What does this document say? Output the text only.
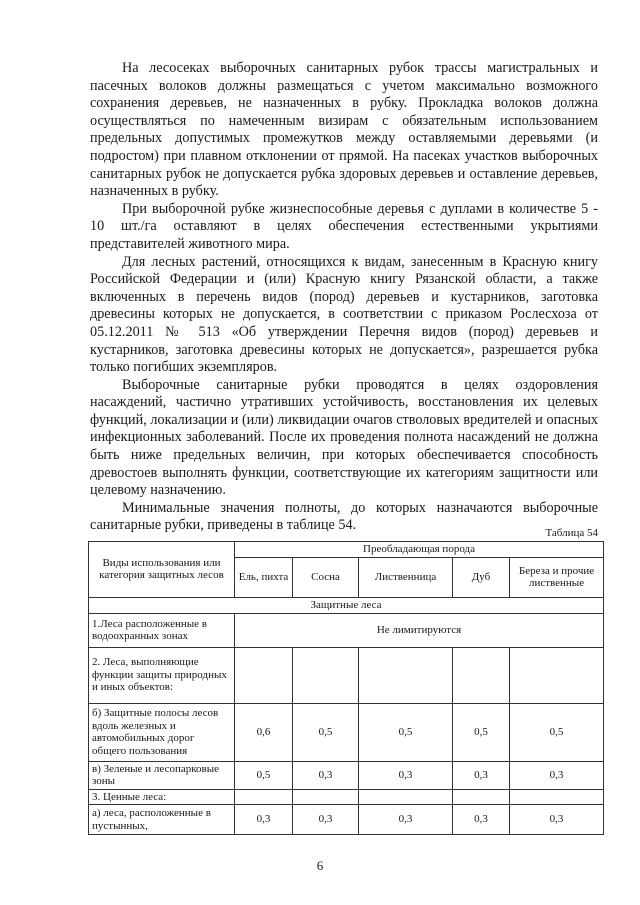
На лесосеках выборочных санитарных рубок трассы магистральных и пасечных волоков должны размещаться с учетом максимально возможного сохранения деревьев, не назначенных в рубку. Прокладка волоков должна осуществляться по намеченным визирам с обязательным использованием предельных допустимых промежутков между оставляемыми деревьями (и подростом) при плавном отклонении от прямой. На пасеках участков выборочных санитарных рубок не допускается рубка здоровых деревьев и оставление деревьев, назначенных в рубку.

При выборочной рубке жизнеспособные деревья с дуплами в количестве 5 - 10 шт./га оставляют в целях обеспечения естественными укрытиями представителей животного мира.

Для лесных растений, относящихся к видам, занесенным в Красную книгу Российской Федерации и (или) Красную книгу Рязанской области, а также включенных в перечень видов (пород) деревьев и кустарников, заготовка древесины которых не допускается, в соответствии с приказом Рослесхоза от 05.12.2011 № 513 «Об утверждении Перечня видов (пород) деревьев и кустарников, заготовка древесины которых не допускается», разрешается рубка только погибших экземпляров.

Выборочные санитарные рубки проводятся в целях оздоровления насаждений, частично утративших устойчивость, восстановления их целевых функций, локализации и (или) ликвидации очагов стволовых вредителей и опасных инфекционных заболеваний. После их проведения полнота насаждений не должна быть ниже предельных величин, при которых обеспечивается способность древостоев выполнять функции, соответствующие их категориям защитности или целевому назначению.

Минимальные значения полноты, до которых назначаются выборочные санитарные рубки, приведены в таблице 54.	Таблица 54
Виды использования или категория защитных лесов	Преобладающая порода				
	Ель, пихта	Сосна	Лиственница	Дуб	Береза и прочие лиственные
Защитные леса					
1.Леса расположенные в водоохранных зонах	Не лимитируются				
2. Леса, выполняющие функции защиты природных и иных объектов:					
б) Защитные полосы лесов вдоль железных и автомобильных дорог общего пользования	0,6	0,5	0,5	0,5	0,5
в) Зеленые и лесопарковые зоны	0,5	0,3	0,3	0,3	0,3
3. Ценные леса:					
а) леса, расположенные в пустынных,	0,3	0,3	0,3	0,3	0,3
6
